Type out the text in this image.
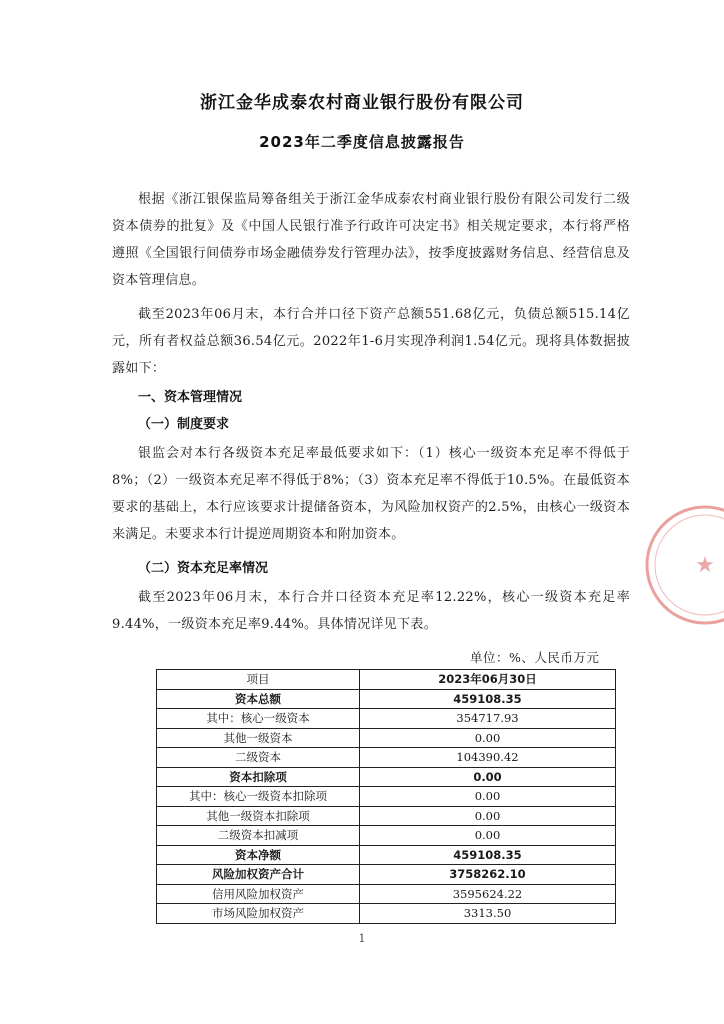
浙江金华成泰农村商业银行股份有限公司
2023年二季度信息披露报告
根据《浙江银保监局筹备组关于浙江金华成泰农村商业银行股份有限公司发行二级资本债券的批复》及《中国人民银行准予行政许可决定书》相关规定要求，本行将严格遵照《全国银行间债券市场金融债券发行管理办法》，按季度披露财务信息、经营信息及资本管理信息。
截至2023年06月末，本行合并口径下资产总额551.68亿元，负债总额515.14亿元，所有者权益总额36.54亿元。2022年1-6月实现净利润1.54亿元。现将具体数据披露如下：
一、资本管理情况
（一）制度要求
银监会对本行各级资本充足率最低要求如下：（1）核心一级资本充足率不得低于8%；（2）一级资本充足率不得低于8%；（3）资本充足率不得低于10.5%。在最低资本要求的基础上，本行应该要求计提储备资本，为风险加权资产的2.5%，由核心一级资本来满足。未要求本行计提逆周期资本和附加资本。
（二）资本充足率情况
截至2023年06月末，本行合并口径资本充足率12.22%，核心一级资本充足率9.44%，一级资本充足率9.44%。具体情况详见下表。
单位：%、人民币万元
项目	2023年06月30日
资本总额	459108.35
其中：核心一级资本	354717.93
其他一级资本	0.00
二级资本	104390.42
资本扣除项	0.00
其中：核心一级资本扣除项	0.00
其他一级资本扣除项	0.00
二级资本扣减项	0.00
资本净额	459108.35
风险加权资产合计	3758262.10
信用风险加权资产	3595624.22
市场风险加权资产	3313.50
1
★
